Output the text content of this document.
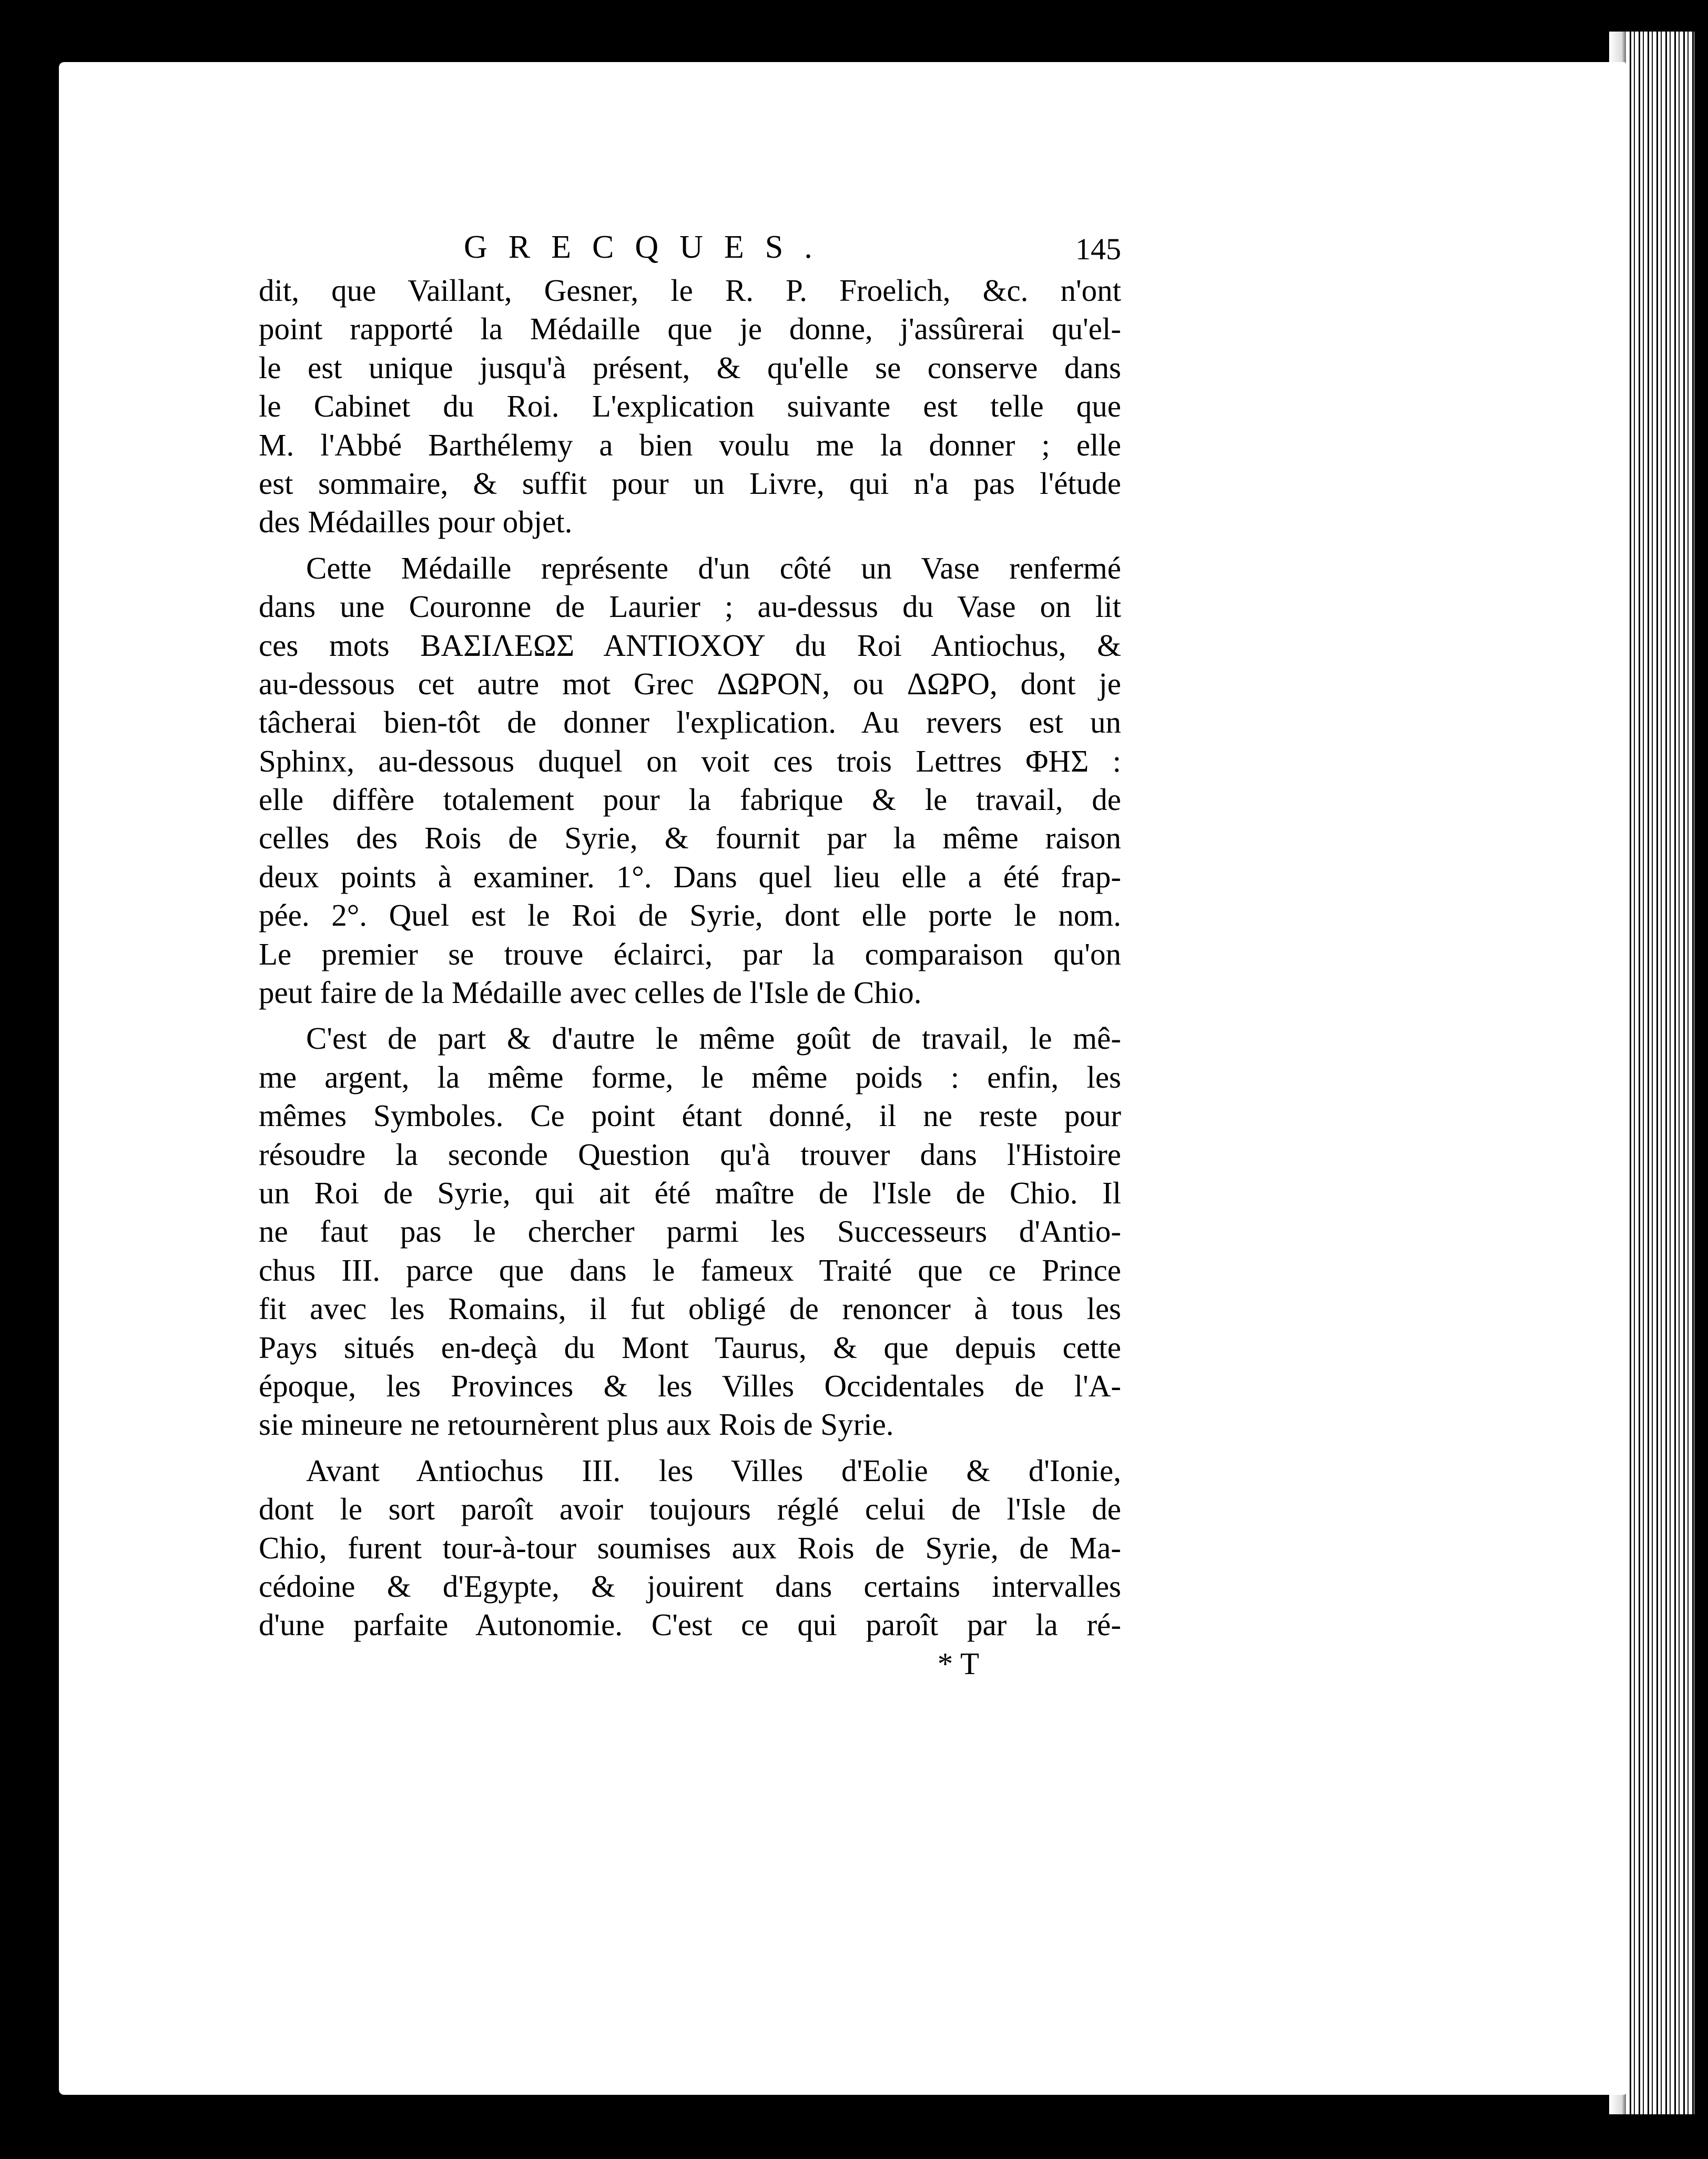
GRECQUES.	145
dit, que Vaillant, Gesner, le R. P. Froelich, &c. n'ont
point rapporté la Médaille que je donne, j'assûrerai qu'el-
le est unique jusqu'à présent, & qu'elle se conserve dans
le Cabinet du Roi. L'explication suivante est telle que
M. l'Abbé Barthélemy a bien voulu me la donner ; elle
est sommaire, & suffit pour un Livre, qui n'a pas l'étude
des Médailles pour objet.
Cette Médaille représente d'un côté un Vase renfermé
dans une Couronne de Laurier ; au-dessus du Vase on lit
ces mots ΒΑΣΙΛΕΩΣ ΑΝΤΙΟΧΟΥ du Roi Antiochus, &
au-dessous cet autre mot Grec ΔΩΡΟΝ, ou ΔΩΡΟ, dont je
tâcherai bien-tôt de donner l'explication. Au revers est un
Sphinx, au-dessous duquel on voit ces trois Lettres ΦΗΣ :
elle diffère totalement pour la fabrique & le travail, de
celles des Rois de Syrie, & fournit par la même raison
deux points à examiner. 1°. Dans quel lieu elle a été frap-
pée. 2°. Quel est le Roi de Syrie, dont elle porte le nom.
Le premier se trouve éclairci, par la comparaison qu'on
peut faire de la Médaille avec celles de l'Isle de Chio.
C'est de part & d'autre le même goût de travail, le mê-
me argent, la même forme, le même poids : enfin, les
mêmes Symboles. Ce point étant donné, il ne reste pour
résoudre la seconde Question qu'à trouver dans l'Histoire
un Roi de Syrie, qui ait été maître de l'Isle de Chio. Il
ne faut pas le chercher parmi les Successeurs d'Antio-
chus III. parce que dans le fameux Traité que ce Prince
fit avec les Romains, il fut obligé de renoncer à tous les
Pays situés en-deçà du Mont Taurus, & que depuis cette
époque, les Provinces & les Villes Occidentales de l'A-
sie mineure ne retournèrent plus aux Rois de Syrie.
Avant Antiochus III. les Villes d'Eolie & d'Ionie,
dont le sort paroît avoir toujours réglé celui de l'Isle de
Chio, furent tour-à-tour soumises aux Rois de Syrie, de Ma-
cédoine & d'Egypte, & jouirent dans certains intervalles
d'une parfaite Autonomie. C'est ce qui paroît par la ré-
* T
